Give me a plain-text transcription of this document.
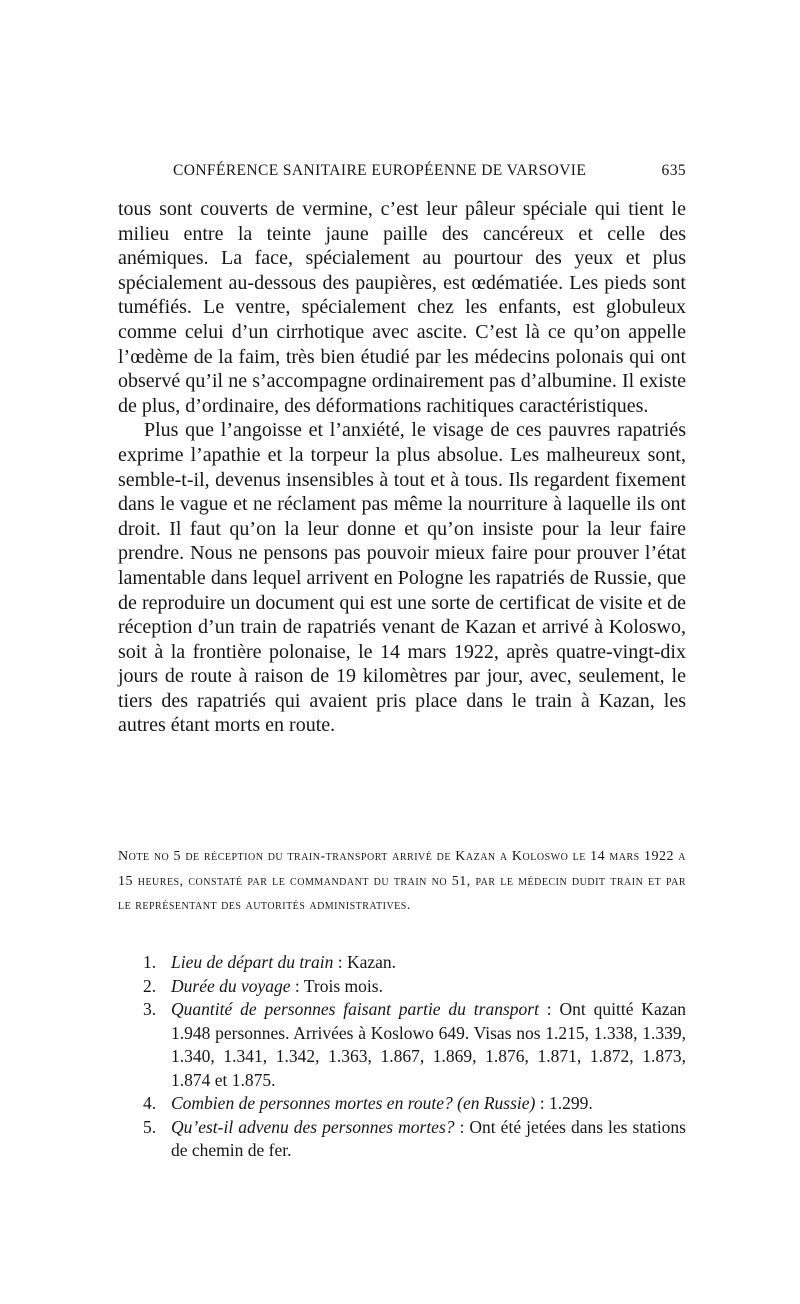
CONFÉRENCE SANITAIRE EUROPÉENNE DE VARSOVIE	635

tous sont couverts de vermine, c’est leur pâleur spéciale qui tient le milieu entre la teinte jaune paille des cancéreux et celle des anémiques. La face, spécialement au pourtour des yeux et plus spécialement au-dessous des paupières, est œdématiée. Les pieds sont tuméfiés. Le ventre, spécialement chez les enfants, est globuleux comme celui d’un cirrhotique avec ascite. C’est là ce qu’on appelle l’œdème de la faim, très bien étudié par les médecins polonais qui ont observé qu’il ne s’accompagne ordinairement pas d’albumine. Il existe de plus, d’ordinaire, des déformations rachitiques caractéristiques.

Plus que l’angoisse et l’anxiété, le visage de ces pauvres rapatriés exprime l’apathie et la torpeur la plus absolue. Les malheureux sont, semble-t-il, devenus insensibles à tout et à tous. Ils regardent fixement dans le vague et ne réclament pas même la nourriture à laquelle ils ont droit. Il faut qu’on la leur donne et qu’on insiste pour la leur faire prendre. Nous ne pensons pas pouvoir mieux faire pour prouver l’état lamentable dans lequel arrivent en Pologne les rapatriés de Russie, que de reproduire un document qui est une sorte de certificat de visite et de réception d’un train de rapatriés venant de Kazan et arrivé à Koloswo, soit à la frontière polonaise, le 14 mars 1922, après quatre-vingt-dix jours de route à raison de 19 kilomètres par jour, avec, seulement, le tiers des rapatriés qui avaient pris place dans le train à Kazan, les autres étant morts en route.

Note no 5 de réception du train-transport arrivé de Kazan a Koloswo le 14 mars 1922 a 15 heures, constaté par le commandant du train no 51, par le médecin dudit train et par le représentant des autorités administratives.
1. Lieu de départ du train : Kazan.
2. Durée du voyage : Trois mois.
3. Quantité de personnes faisant partie du transport : Ont quitté Kazan 1.948 personnes. Arrivées à Koslowo 649. Visas nos 1.215, 1.338, 1.339, 1.340, 1.341, 1.342, 1.363, 1.867, 1.869, 1.876, 1.871, 1.872, 1.873, 1.874 et 1.875.
4. Combien de personnes mortes en route? (en Russie) : 1.299.
5. Qu’est-il advenu des personnes mortes? : Ont été jetées dans les stations de chemin de fer.
